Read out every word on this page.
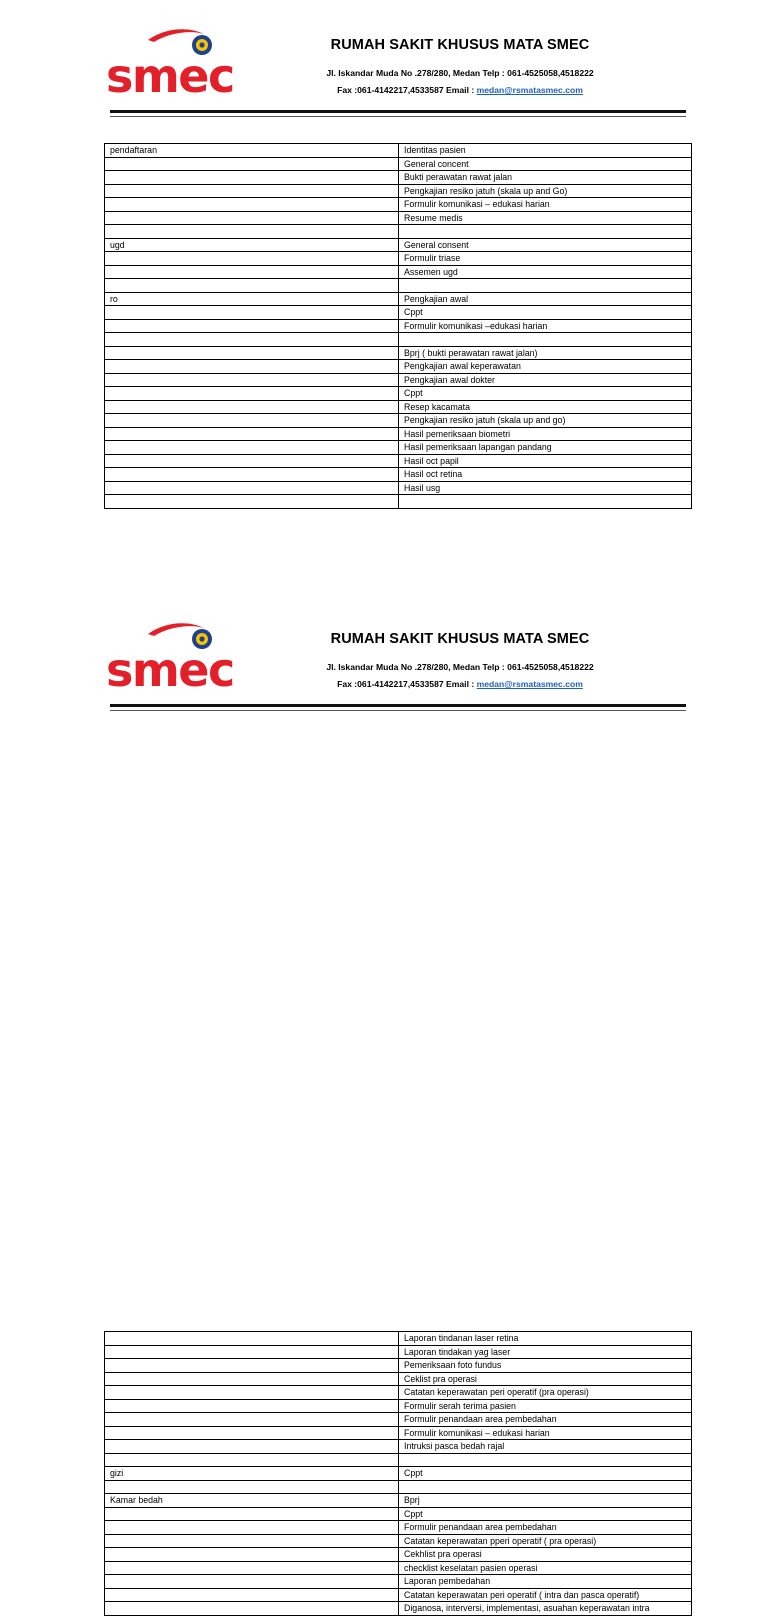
smec
RUMAH SAKIT KHUSUS MATA SMEC
Jl. Iskandar Muda No .278/280, Medan Telp : 061-4525058,4518222
Fax :061-4142217,4533587 Email : medan@rsmatasmec.com
pendaftaran	Identitas pasien
	General concent
	Bukti perawatan rawat jalan
	Pengkajian resiko jatuh (skala up and Go)
	Formulir komunikasi – edukasi harian
	Resume medis

ugd	General consent
	Formulir triase
	Assemen ugd

ro	Pengkajian awal
	Cppt
	Formulir komunikasi –edukasi harian

	Bprj ( bukti perawatan rawat jalan)
	Pengkajian awal keperawatan
	Pengkajian awal dokter
	Cppt
	Resep kacamata
	Pengkajian resiko jatuh (skala up and go)
	Hasil pemeriksaan biometri
	Hasil pemeriksaan lapangan pandang
	Hasil oct papil
	Hasil oct retina
	Hasil usg

smec
RUMAH SAKIT KHUSUS MATA SMEC
Jl. Iskandar Muda No .278/280, Medan Telp : 061-4525058,4518222
Fax :061-4142217,4533587 Email : medan@rsmatasmec.com
	Laporan tindanan laser retina
	Laporan tindakan yag laser
	Pemeriksaan foto fundus
	Ceklist pra operasi
	Catatan keperawatan peri operatif (pra operasi)
	Formulir serah terima pasien
	Formulir penandaan area pembedahan
	Formulir komunikasi – edukasi harian
	Intruksi pasca bedah rajal

gizi	Cppt

Kamar bedah	Bprj
	Cppt
	Formulir penandaan area pembedahan
	Catatan keperawatan pperi operatif ( pra operasi)
	Cekhlist pra operasi
	checklist keselatan pasien operasi
	Laporan pembedahan
	Catatan keperawatan peri operatif ( intra dan pasca operatif)
	Diganosa, interversi, implementasi, asuahan keperawatan intra
